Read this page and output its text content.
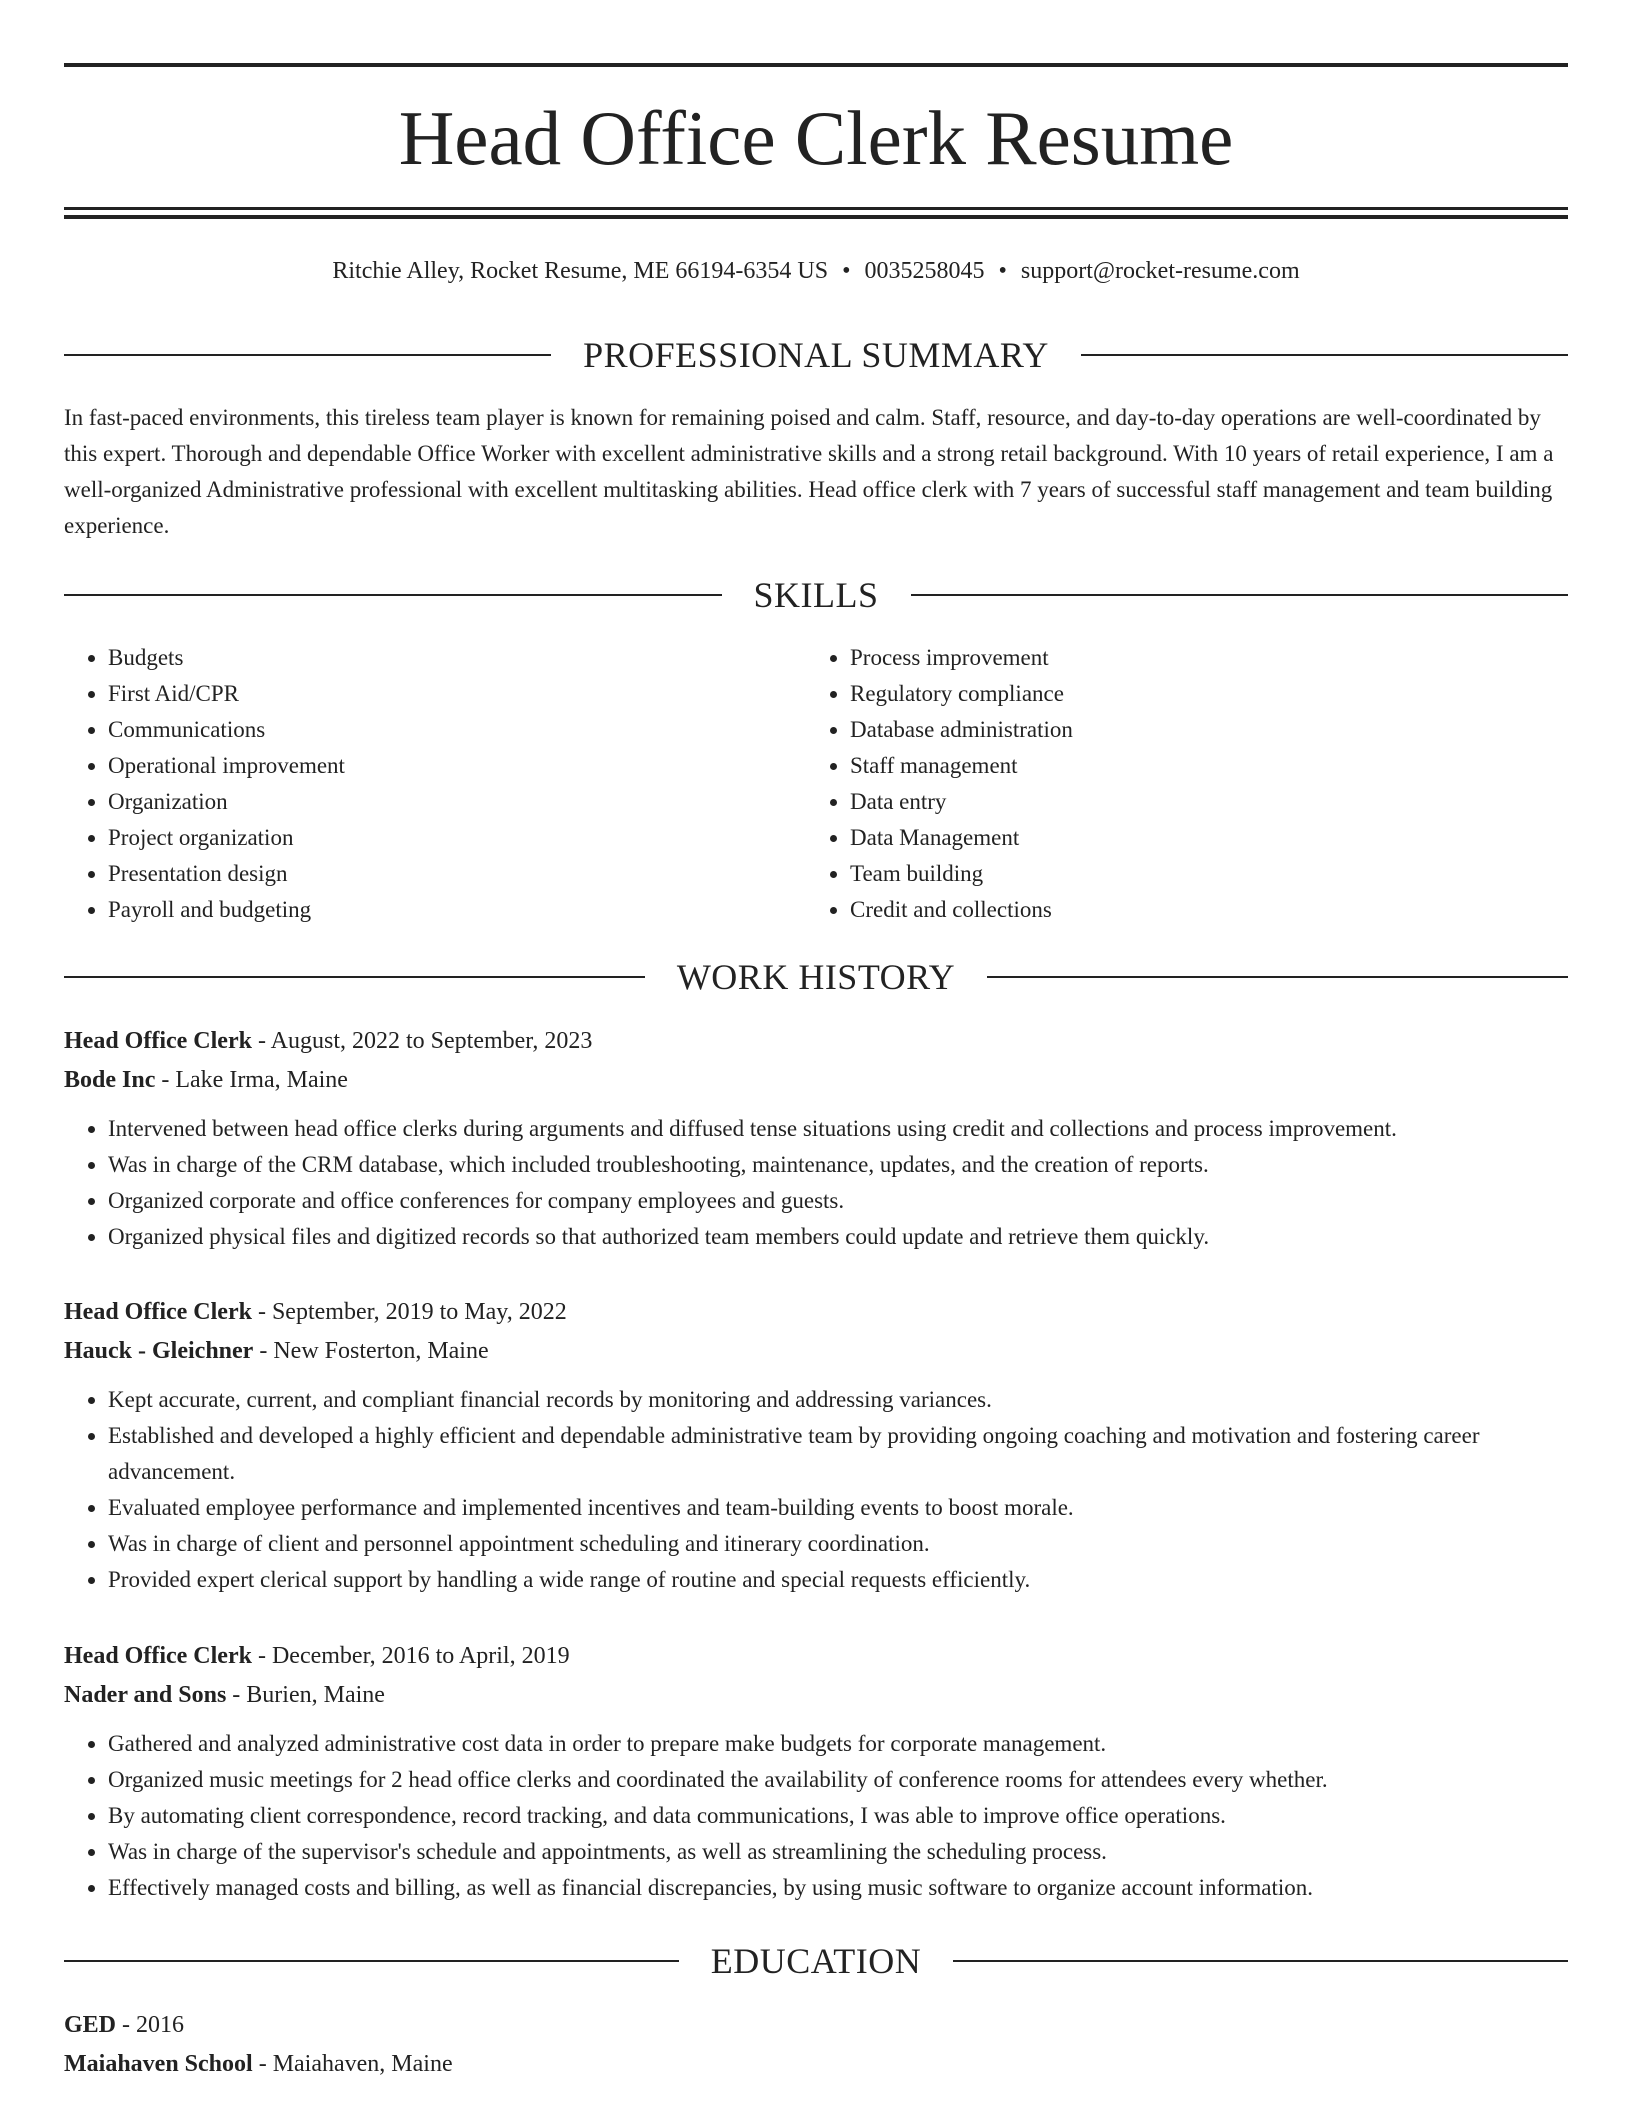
Head Office Clerk Resume
Ritchie Alley, Rocket Resume, ME 66194-6354 US • 0035258045 • support@rocket-resume.com
PROFESSIONAL SUMMARY

In fast-paced environments, this tireless team player is known for remaining poised and calm. Staff, resource, and day-to-day operations are well-coordinated by this expert. Thorough and dependable Office Worker with excellent administrative skills and a strong retail background. With 10 years of retail experience, I am a well-organized Administrative professional with excellent multitasking abilities. Head office clerk with 7 years of successful staff management and team building experience.

SKILLS
• Budgets
• First Aid/CPR
• Communications
• Operational improvement
• Organization
• Project organization
• Presentation design
• Payroll and budgeting
• Process improvement
• Regulatory compliance
• Database administration
• Staff management
• Data entry
• Data Management
• Team building
• Credit and collections
WORK HISTORY
Head Office Clerk - August, 2022 to September, 2023
Bode Inc - Lake Irma, Maine
• Intervened between head office clerks during arguments and diffused tense situations using credit and collections and process improvement.
• Was in charge of the CRM database, which included troubleshooting, maintenance, updates, and the creation of reports.
• Organized corporate and office conferences for company employees and guests.
• Organized physical files and digitized records so that authorized team members could update and retrieve them quickly.
Head Office Clerk - September, 2019 to May, 2022
Hauck - Gleichner - New Fosterton, Maine
• Kept accurate, current, and compliant financial records by monitoring and addressing variances.
• Established and developed a highly efficient and dependable administrative team by providing ongoing coaching and motivation and fostering career advancement.
• Evaluated employee performance and implemented incentives and team-building events to boost morale.
• Was in charge of client and personnel appointment scheduling and itinerary coordination.
• Provided expert clerical support by handling a wide range of routine and special requests efficiently.
Head Office Clerk - December, 2016 to April, 2019
Nader and Sons - Burien, Maine
• Gathered and analyzed administrative cost data in order to prepare make budgets for corporate management.
• Organized music meetings for 2 head office clerks and coordinated the availability of conference rooms for attendees every whether.
• By automating client correspondence, record tracking, and data communications, I was able to improve office operations.
• Was in charge of the supervisor's schedule and appointments, as well as streamlining the scheduling process.
• Effectively managed costs and billing, as well as financial discrepancies, by using music software to organize account information.
EDUCATION
GED - 2016
Maiahaven School - Maiahaven, Maine
